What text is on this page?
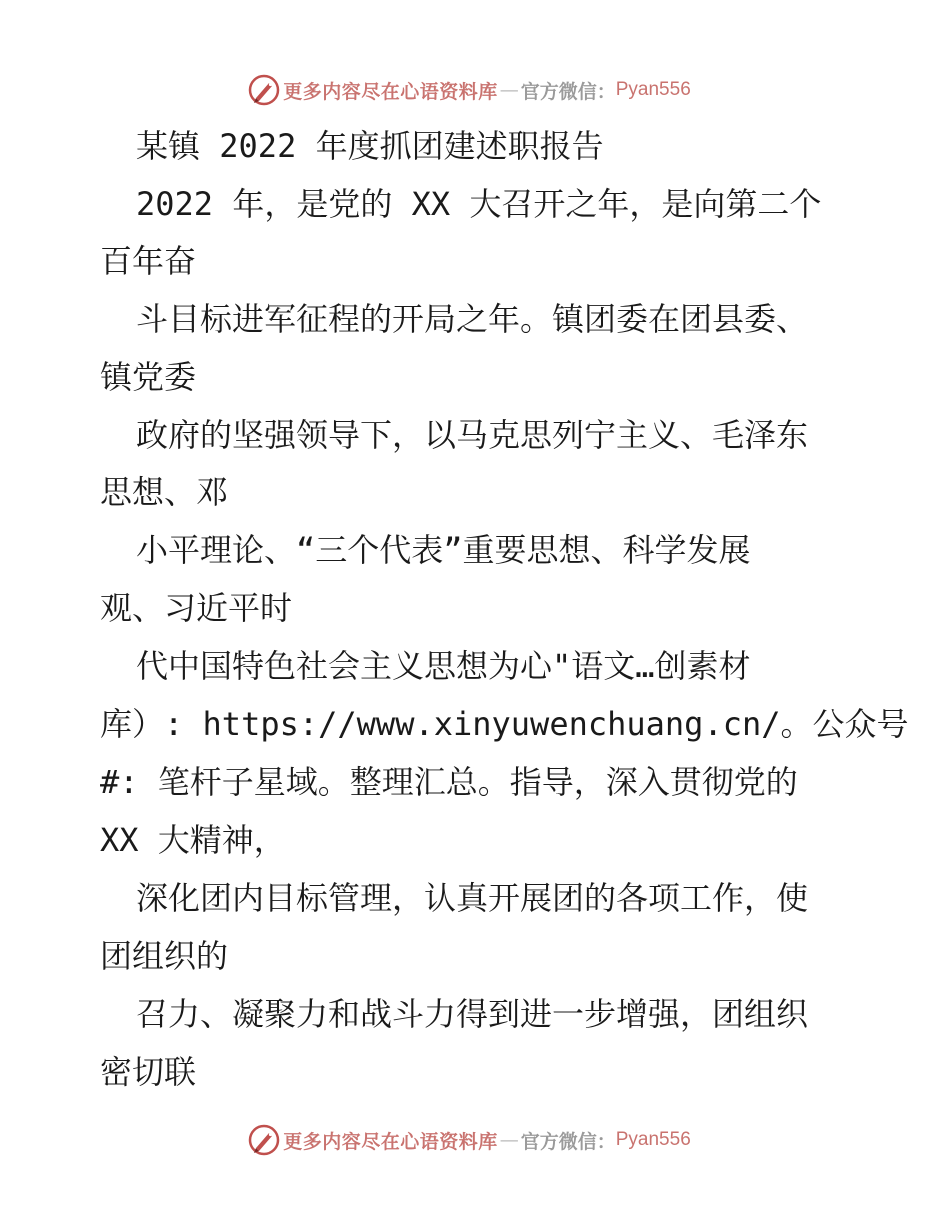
更多内容尽在心语资料库 — 官方微信： Pyan556
某镇 2022 年度抓团建述职报告
2022 年，是党的 XX 大召开之年，是向第二个
百年奋
斗目标进军征程的开局之年。镇团委在团县委、
镇党委
政府的坚强领导下，以马克思列宁主义、毛泽东
思想、邓
小平理论、“三个代表”重要思想、科学发展
观、习近平时
代中国特色社会主义思想为心"语文…创素材
库）: https://www.xinyuwenchuang.cn/。公众号
#: 笔杆子星域。整理汇总。指导，深入贯彻党的
XX 大精神，
深化团内目标管理，认真开展团的各项工作，使
团组织的
召力、凝聚力和战斗力得到进一步增强，团组织
密切联
更多内容尽在心语资料库 — 官方微信： Pyan556
